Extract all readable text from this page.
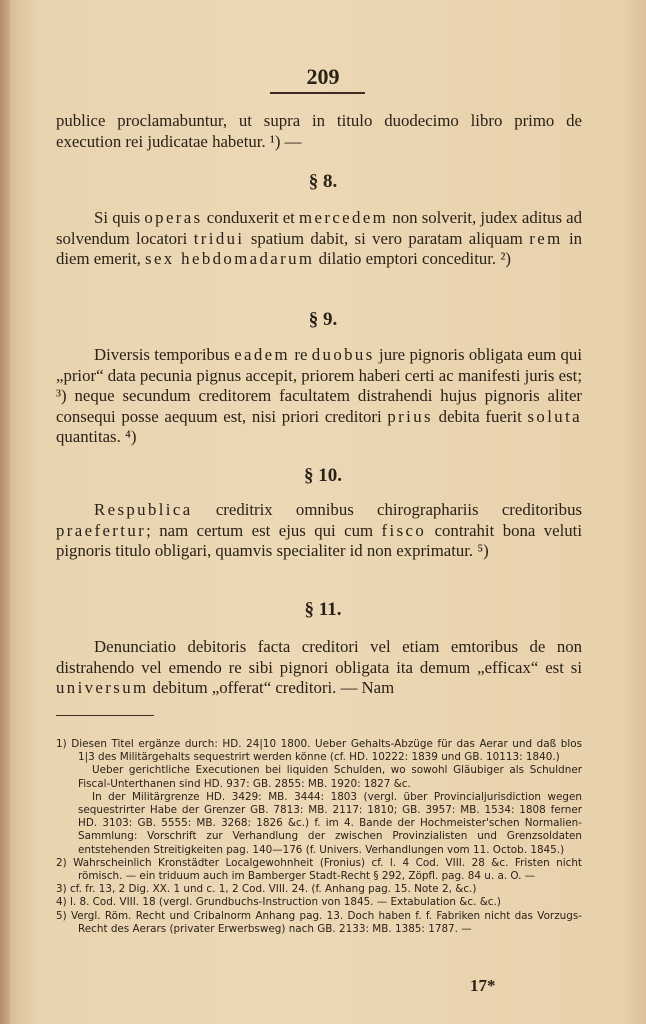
209
publice proclamabuntur, ut supra in titulo duodecimo libro primo de execution rei judicatae habetur. ¹) —
§ 8.
Si quis operas conduxerit et mercedem non solverit, judex aditus ad solvendum locatori tridui spatium dabit, si vero paratam aliquam rem in diem emerit, sex hebdomadarum dilatio emptori conceditur. ²)
§ 9.
Diversis temporibus eadem re duobus jure pignoris obligata eum qui „prior“ data pecunia pignus accepit, priorem haberi certi ac manifesti juris est; ³) neque secundum creditorem facultatem distrahendi hujus pignoris aliter consequi posse aequum est, nisi priori creditori prius debita fuerit soluta quantitas. ⁴)
§ 10.
Respublica creditrix omnibus chirographariis creditoribus praefertur; nam certum est ejus qui cum fisco contrahit bona veluti pignoris titulo obligari, quamvis specialiter id non exprimatur. ⁵)
§ 11.
Denunciatio debitoris facta creditori vel etiam emtoribus de non distrahendo vel emendo re sibi pignori obligata ita demum „efficax“ est si universum debitum „offerat“ creditori. — Nam

1) Diesen Titel ergänze durch: HD. 24|10 1800. Ueber Gehalts-Abzüge für das Aerar und daß blos 1|3 des Militärgehalts sequestrirt werden könne (cf. HD. 10222: 1839 und GB. 10113: 1840.)

Ueber gerichtliche Executionen bei liquiden Schulden, wo sowohl Gläubiger als Schuldner Fiscal-Unterthanen sind HD. 937: GB. 2855: MB. 1920: 1827 &c.

In der Militärgrenze HD. 3429: MB. 3444: 1803 (vergl. über Provincialjurisdiction wegen sequestrirter Habe der Grenzer GB. 7813: MB. 2117: 1810; GB. 3957: MB. 1534: 1808 ferner HD. 3103: GB. 5555: MB. 3268: 1826 &c.) f. im 4. Bande der Hochmeister'schen Normalien-Sammlung: Vorschrift zur Verhandlung der zwischen Provinzialisten und Grenzsoldaten entstehenden Streitigkeiten pag. 140—176 (f. Univers. Verhandlungen vom 11. Octob. 1845.)

2) Wahrscheinlich Kronstädter Localgewohnheit (Fronius) cf. l. 4 Cod. VIII. 28 &c. Fristen nicht römisch. — ein triduum auch im Bamberger Stadt-Recht § 292, Zöpfl. pag. 84 u. a. O. —

3) cf. fr. 13, 2 Dig. XX. 1 und c. 1, 2 Cod. VIII. 24. (f. Anhang pag. 15. Note 2, &c.)

4) l. 8. Cod. VIII. 18 (vergl. Grundbuchs-Instruction von 1845. — Extabulation &c. &c.)

5) Vergl. Röm. Recht und Cribalnorm Anhang pag. 13. Doch haben f. f. Fabriken nicht das Vorzugs-Recht des Aerars (privater Erwerbsweg) nach GB. 2133: MB. 1385: 1787. —

17*
